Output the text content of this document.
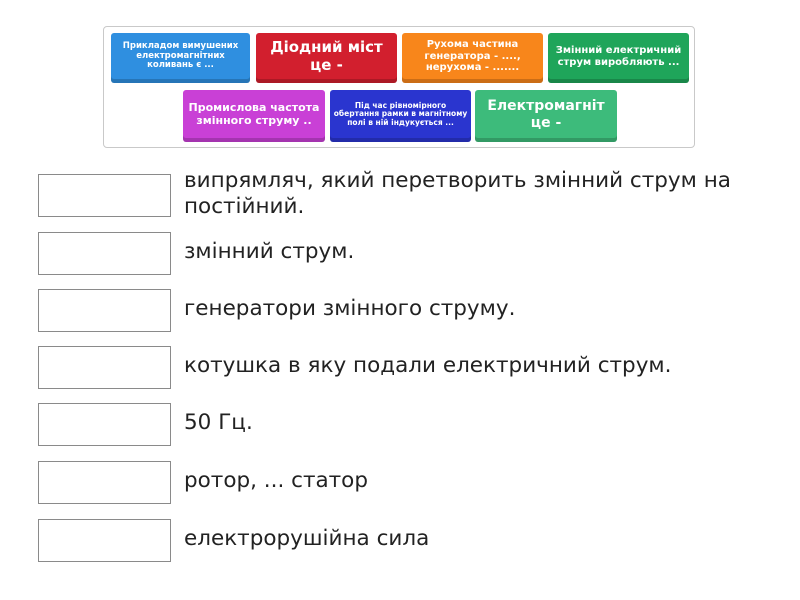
Прикладом вимушених електромагнітних коливань є ...
Діодний міст це -
Рухома частина генератора - ...., нерухома - .......
Змінний електричний струм виробляють ...
Промислова частота змінного струму ..
Під час рівномірного обертання рамки в магнітному полі в ній індукується ...
Електромагніт це -
випрямляч, який перетворить змінний струм на постійний.
змінний струм.
генератори змінного струму.
котушка в яку подали електричний струм.
50 Гц.
ротор, ... статор
електрорушійна сила
